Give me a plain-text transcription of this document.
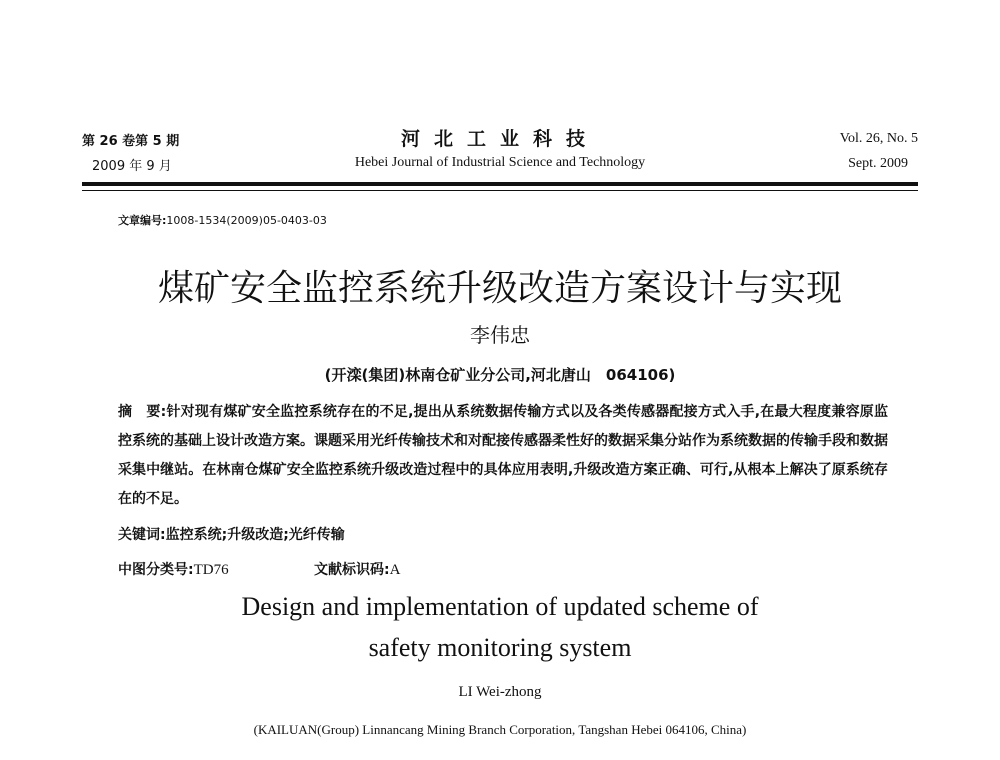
第 26 卷第 5 期
2009 年 9 月
河北工业科技
Hebei Journal of Industrial Science and Technology
Vol. 26, No. 5
Sept. 2009
文章编号:1008-1534(2009)05-0403-03
煤矿安全监控系统升级改造方案设计与实现
李伟忠
(开滦(集团)林南仓矿业分公司,河北唐山　064106)
摘　要:针对现有煤矿安全监控系统存在的不足,提出从系统数据传输方式以及各类传感器配接方式入手,在最大程度兼容原监控系统的基础上设计改造方案。课题采用光纤传输技术和对配接传感器柔性好的数据采集分站作为系统数据的传输手段和数据采集中继站。在林南仓煤矿安全监控系统升级改造过程中的具体应用表明,升级改造方案正确、可行,从根本上解决了原系统存在的不足。
关键词:监控系统;升级改造;光纤传输
中图分类号:TD76	文献标识码:A
Design and implementation of updated scheme of
safety monitoring system
LI Wei-zhong
(KAILUAN(Group) Linnancang Mining Branch Corporation, Tangshan Hebei 064106, China)
